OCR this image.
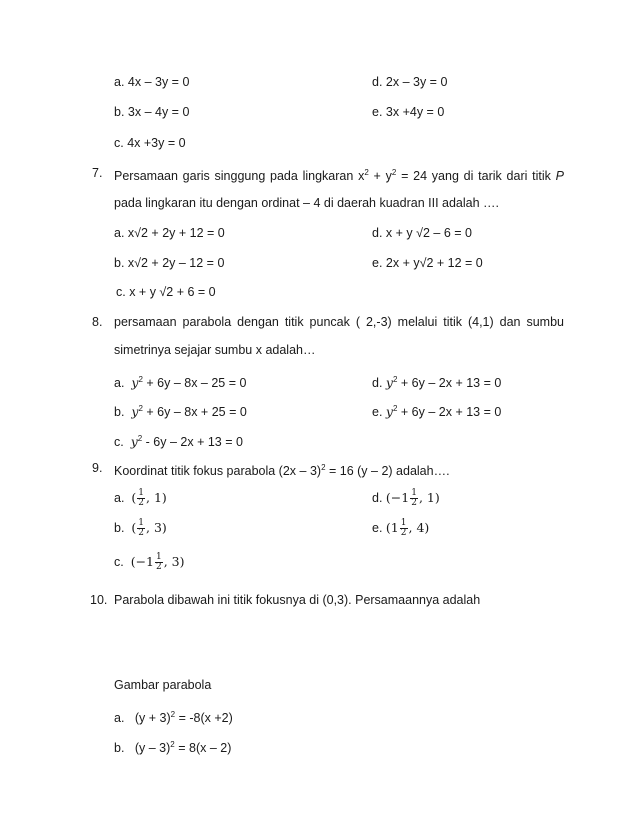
a. 4x – 3y = 0	d. 2x – 3y = 0
b. 3x – 4y = 0	e. 3x +4y = 0
c. 4x +3y = 0
7. Persamaan garis singgung pada lingkaran $x^2 + y^2 = 24$ yang di tarik dari titik P
pada lingkaran itu dengan ordinat – 4 di daerah kuadran III adalah ….
a. x√2 + 2y + 12 = 0	d. x + y √2 – 6 = 0
b. x√2 + 2y – 12 = 0	e. 2x + y√2 + 12 = 0
c. x + y √2 + 6 = 0
8. persamaan parabola dengan titik puncak ( 2,-3) melalui titik (4,1) dan sumbu
simetrinya sejajar sumbu x adalah…
a. $y^2 + 6y - 8x - 25 = 0$	d. $y^2 + 6y - 2x + 13 = 0$
b. $y^2 + 6y - 8x + 25 = 0$	e. $y^2 + 6y - 2x + 13 = 0$
c. $y^2 - 6y - 2x + 13 = 0$
9. Koordinat titik fokus parabola (2x – 3)$^2$ = 16 (y – 2) adalah….
a. ( $\frac{1}{2}$ , 1)	d. ($-1 \frac{1}{2}$ , 1)
b. ( $\frac{1}{2}$ , 3)	e. ($1 \frac{1}{2}$ , 4)
c. ($-1 \frac{1}{2}$ , 3)
10. Parabola dibawah ini titik fokusnya di (0,3). Persamaannya adalah
Gambar parabola
a. $(y + 3)^2 = -8(x +2)$
b. (y – 3)$^2$ = 8(x – 2)
